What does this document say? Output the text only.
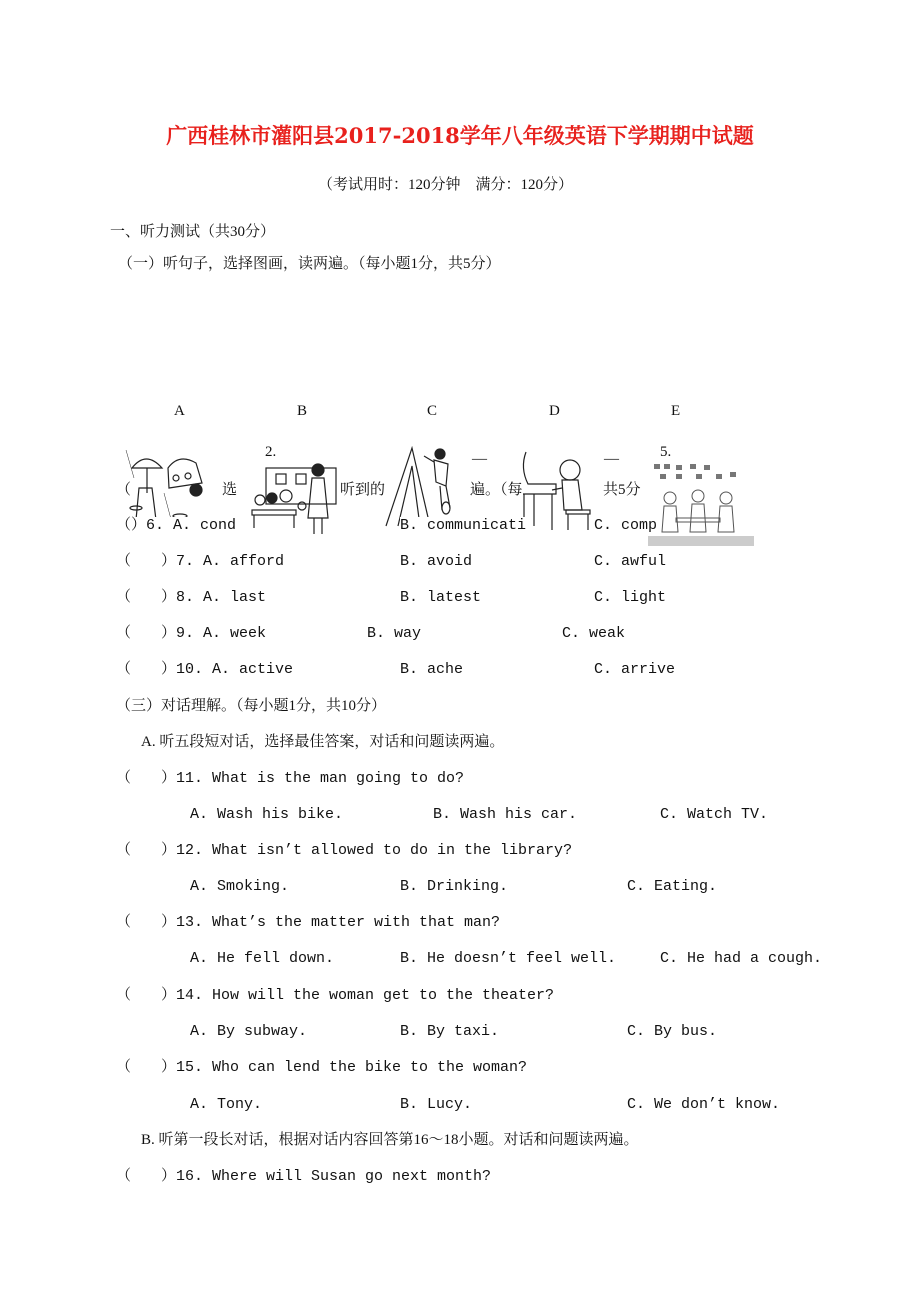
广西桂林市灌阳县2017-2018学年八年级英语下学期期中试题
（考试用时：120分钟　满分：120分）
一、听力测试（共30分）
（一）听句子，选择图画，读两遍。（每小题1分，共5分）
A	B	C	D	E
（	选	听到的	遍。（每	共5分
（ ）6. A. cond	B. communicati	C. comp
2.	—	—	5.
（　　）7. A. afford	B. avoid	C. awful
（　　）8. A. last	B. latest	C. light
（　　）9. A. week	B. way	C. weak
（　　）10. A. active	B. ache	C. arrive
（三）对话理解。（每小题1分，共10分）
A. 听五段短对话，选择最佳答案，对话和问题读两遍。
（　　）11. What is the man going to do?
A. Wash his bike.	B. Wash his car.	C. Watch TV.
（　　）12. What isn’t allowed to do in the library?
A. Smoking.	B. Drinking.	C. Eating.
（　　）13. What’s the matter with that man?
A. He fell down.	B. He doesn’t feel well.	C. He had a cough.
（　　）14. How will the woman get to the theater?
A. By subway.	B. By taxi.	C. By bus.
（　　）15. Who can lend the bike to the woman?
A. Tony.	B. Lucy.	C. We don’t know.
B. 听第一段长对话，根据对话内容回答第16～18小题。对话和问题读两遍。
（　　）16. Where will Susan go next month?
